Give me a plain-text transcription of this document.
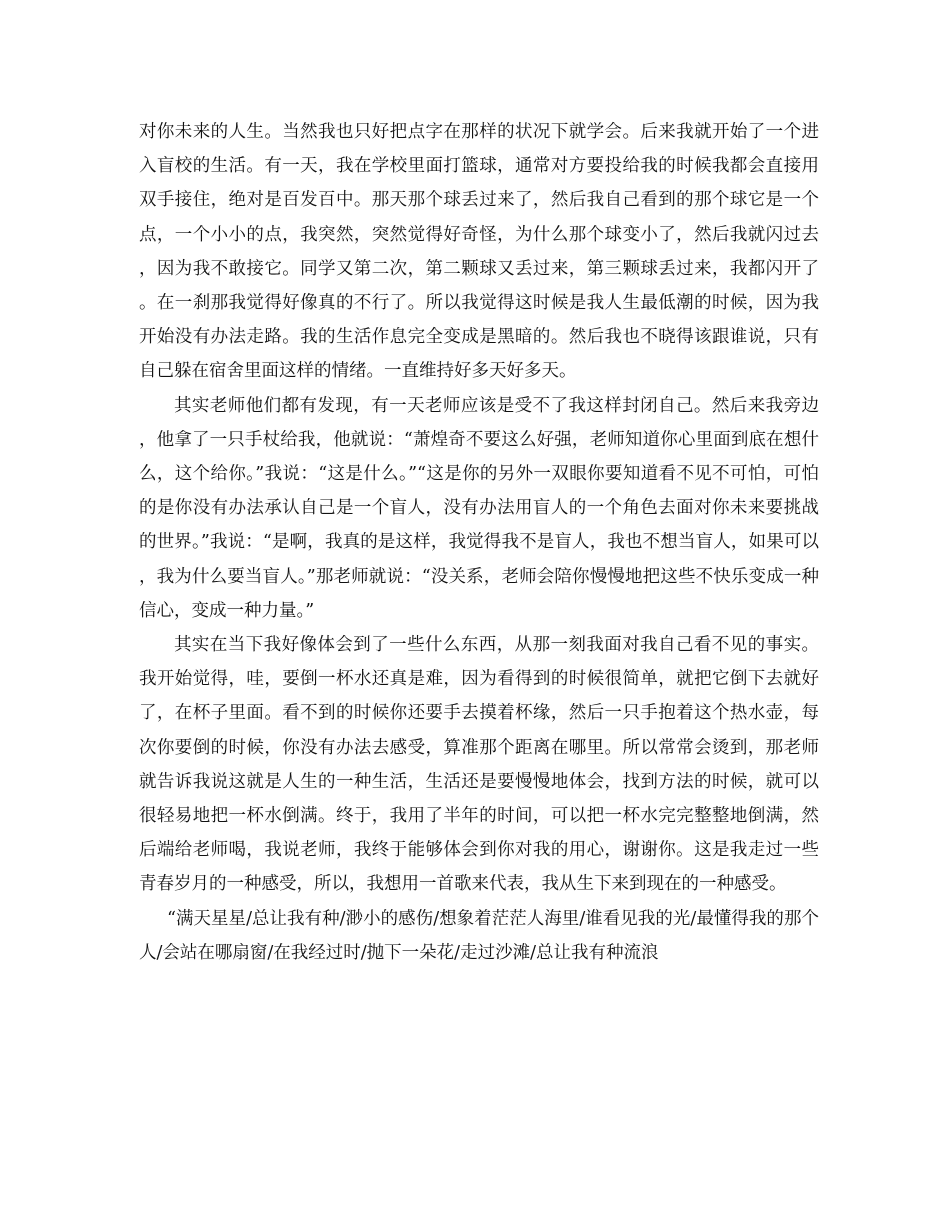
对你未来的人生。当然我也只好把点字在那样的状况下就学会。后来我就开始了一个进入盲校的生活。有一天，我在学校里面打篮球，通常对方要投给我的时候我都会直接用双手接住，绝对是百发百中。那天那个球丢过来了，然后我自己看到的那个球它是一个点，一个小小的点，我突然，突然觉得好奇怪，为什么那个球变小了，然后我就闪过去，因为我不敢接它。同学又第二次，第二颗球又丢过来，第三颗球丢过来，我都闪开了。在一刹那我觉得好像真的不行了。所以我觉得这时候是我人生最低潮的时候，因为我开始没有办法走路。我的生活作息完全变成是黑暗的。然后我也不晓得该跟谁说，只有自己躲在宿舍里面这样的情绪。一直维持好多天好多天。

其实老师他们都有发现，有一天老师应该是受不了我这样封闭自己。然后来我旁边，他拿了一只手杖给我，他就说：“萧煌奇不要这么好强，老师知道你心里面到底在想什么，这个给你。”我说：“这是什么。”“这是你的另外一双眼你要知道看不见不可怕，可怕的是你没有办法承认自己是一个盲人，没有办法用盲人的一个角色去面对你未来要挑战的世界。”我说：“是啊，我真的是这样，我觉得我不是盲人，我也不想当盲人，如果可以，我为什么要当盲人。”那老师就说：“没关系，老师会陪你慢慢地把这些不快乐变成一种信心，变成一种力量。”

其实在当下我好像体会到了一些什么东西，从那一刻我面对我自己看不见的事实。我开始觉得，哇，要倒一杯水还真是难，因为看得到的时候很简单，就把它倒下去就好了，在杯子里面。看不到的时候你还要手去摸着杯缘，然后一只手抱着这个热水壶，每次你要倒的时候，你没有办法去感受，算准那个距离在哪里。所以常常会烫到，那老师就告诉我说这就是人生的一种生活，生活还是要慢慢地体会，找到方法的时候，就可以很轻易地把一杯水倒满。终于，我用了半年的时间，可以把一杯水完完整整地倒满，然后端给老师喝，我说老师，我终于能够体会到你对我的用心，谢谢你。这是我走过一些青春岁月的一种感受，所以，我想用一首歌来代表，我从生下来到现在的一种感受。

“满天星星/总让我有种/渺小的感伤/想象着茫茫人海里/谁看见我的光/最懂得我的那个人/会站在哪扇窗/在我经过时/抛下一朵花/走过沙滩/总让我有种流浪
